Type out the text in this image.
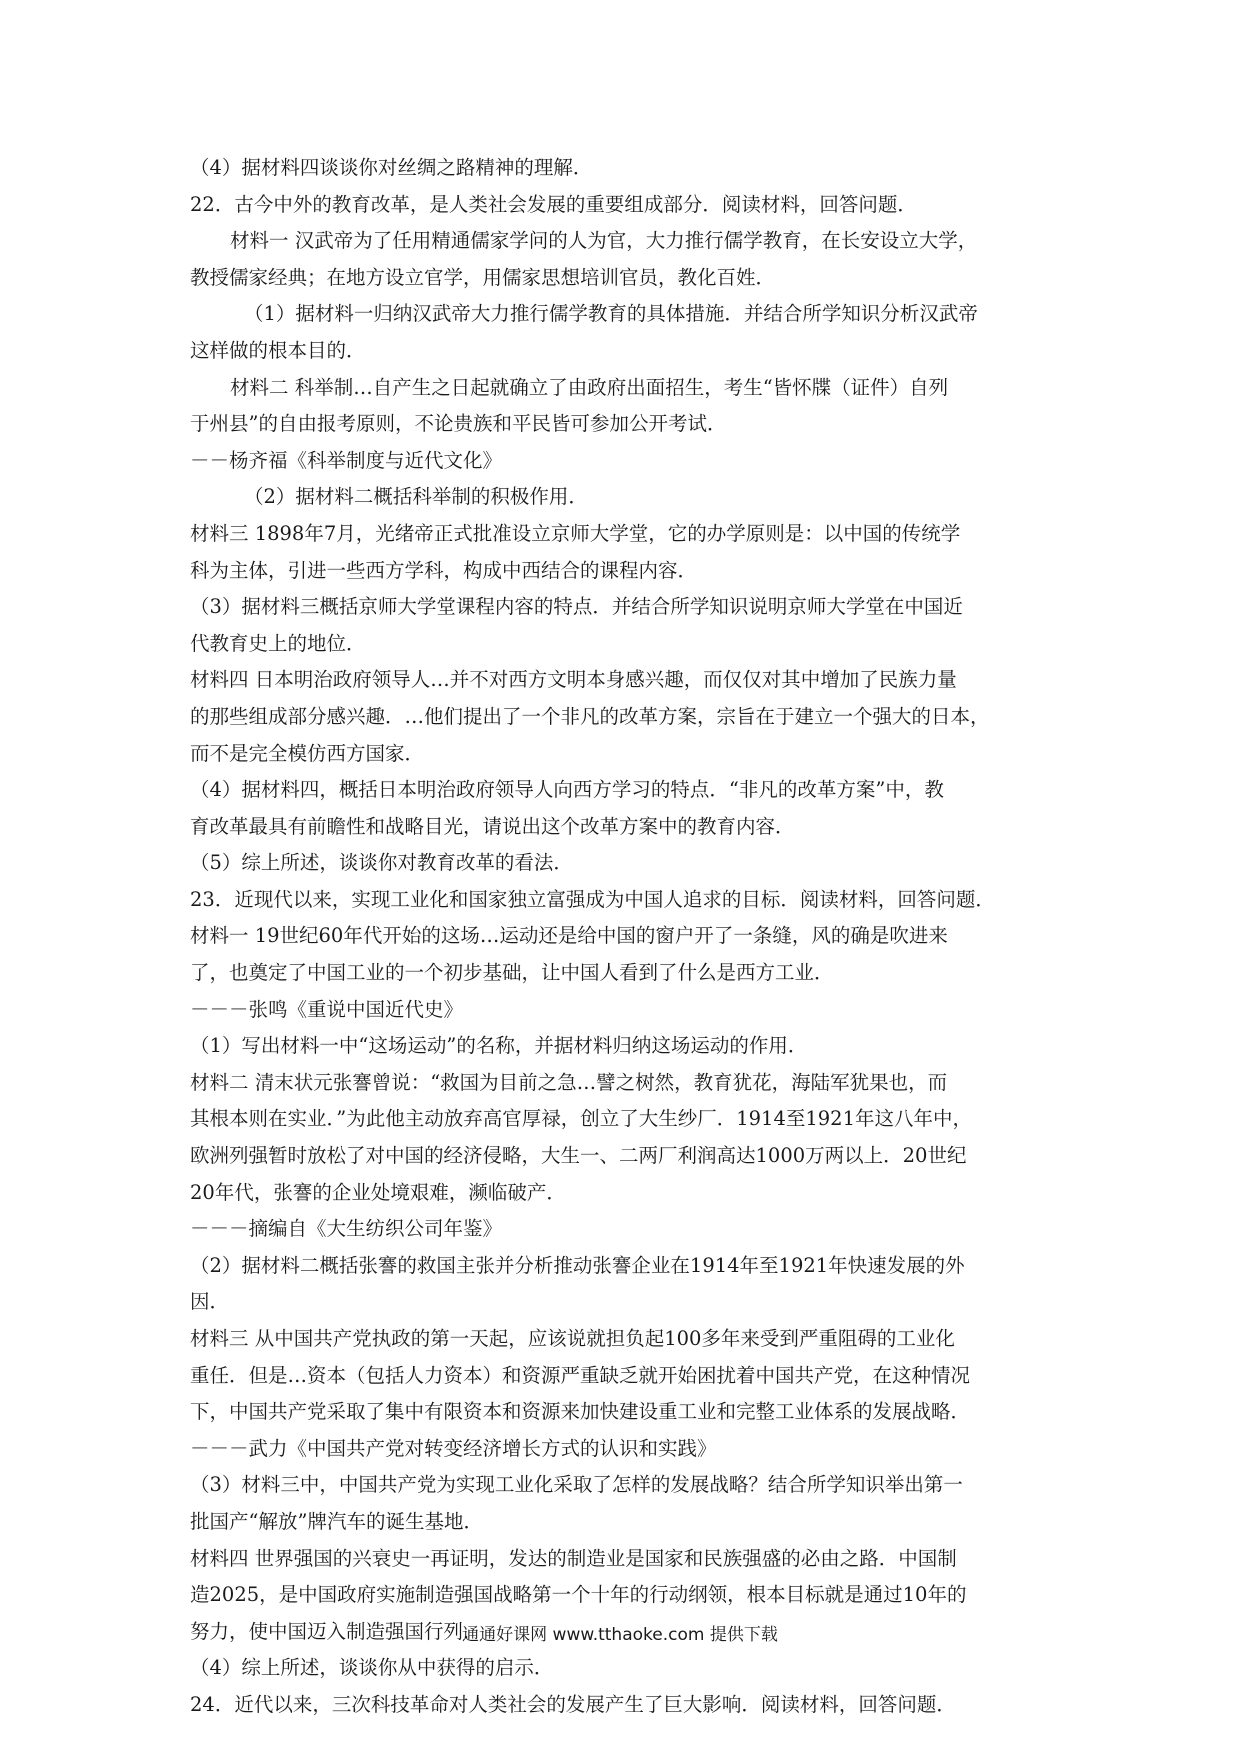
（4）据材料四谈谈你对丝绸之路精神的理解．
22．古今中外的教育改革，是人类社会发展的重要组成部分．阅读材料，回答问题．
材料一 汉武帝为了任用精通儒家学问的人为官，大力推行儒学教育，在长安设立大学，
教授儒家经典；在地方设立官学，用儒家思想培训官员，教化百姓．
（1）据材料一归纳汉武帝大力推行儒学教育的具体措施．并结合所学知识分析汉武帝
这样做的根本目的．
材料二 科举制…自产生之日起就确立了由政府出面招生，考生“皆怀牒（证件）自列
于州县”的自由报考原则，不论贵族和平民皆可参加公开考试．
－－杨齐福《科举制度与近代文化》
（2）据材料二概括科举制的积极作用．
材料三 1898年7月，光绪帝正式批准设立京师大学堂，它的办学原则是：以中国的传统学
科为主体，引进一些西方学科，构成中西结合的课程内容．
（3）据材料三概括京师大学堂课程内容的特点．并结合所学知识说明京师大学堂在中国近
代教育史上的地位．
材料四 日本明治政府领导人…并不对西方文明本身感兴趣，而仅仅对其中增加了民族力量
的那些组成部分感兴趣．…他们提出了一个非凡的改革方案，宗旨在于建立一个强大的日本，
而不是完全模仿西方国家．
（4）据材料四，概括日本明治政府领导人向西方学习的特点．“非凡的改革方案”中，教
育改革最具有前瞻性和战略目光，请说出这个改革方案中的教育内容．
（5）综上所述，谈谈你对教育改革的看法．
23．近现代以来，实现工业化和国家独立富强成为中国人追求的目标．阅读材料，回答问题．
材料一 19世纪60年代开始的这场…运动还是给中国的窗户开了一条缝，风的确是吹进来
了，也奠定了中国工业的一个初步基础，让中国人看到了什么是西方工业．
－－－张鸣《重说中国近代史》
（1）写出材料一中“这场运动”的名称，并据材料归纳这场运动的作用．
材料二 清末状元张謇曾说：“救国为目前之急…譬之树然，教育犹花，海陆军犹果也，而
其根本则在实业．”为此他主动放弃高官厚禄，创立了大生纱厂．1914至1921年这八年中，
欧洲列强暂时放松了对中国的经济侵略，大生一、二两厂利润高达1000万两以上．20世纪
20年代，张謇的企业处境艰难，濒临破产．
－－－摘编自《大生纺织公司年鉴》
（2）据材料二概括张謇的救国主张并分析推动张謇企业在1914年至1921年快速发展的外
因．
材料三 从中国共产党执政的第一天起，应该说就担负起100多年来受到严重阻碍的工业化
重任．但是…资本（包括人力资本）和资源严重缺乏就开始困扰着中国共产党，在这种情况
下，中国共产党采取了集中有限资本和资源来加快建设重工业和完整工业体系的发展战略．
－－－武力《中国共产党对转变经济增长方式的认识和实践》
（3）材料三中，中国共产党为实现工业化采取了怎样的发展战略？结合所学知识举出第一
批国产“解放”牌汽车的诞生基地．
材料四 世界强国的兴衰史一再证明，发达的制造业是国家和民族强盛的必由之路．中国制
造2025，是中国政府实施制造强国战略第一个十年的行动纲领，根本目标就是通过10年的
努力，使中国迈入制造强国行列．
（4）综上所述，谈谈你从中获得的启示．
24．近代以来，三次科技革命对人类社会的发展产生了巨大影响．阅读材料，回答问题．
通通好课网 www.tthaoke.com 提供下载
